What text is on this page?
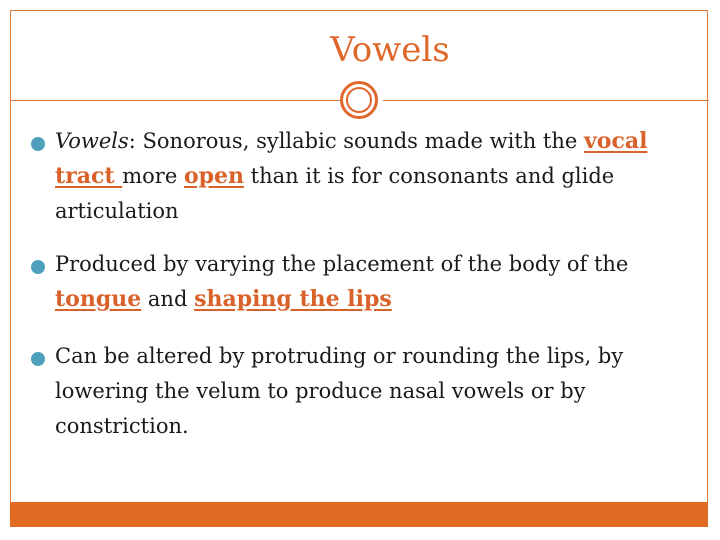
Vowels
Vowels: Sonorous, syllabic sounds made with the vocal tract more open than it is for consonants and glide articulation
Produced by varying the placement of the body of the tongue and shaping the lips
Can be altered by protruding or rounding the lips, by lowering the velum to produce nasal vowels or by constriction.
